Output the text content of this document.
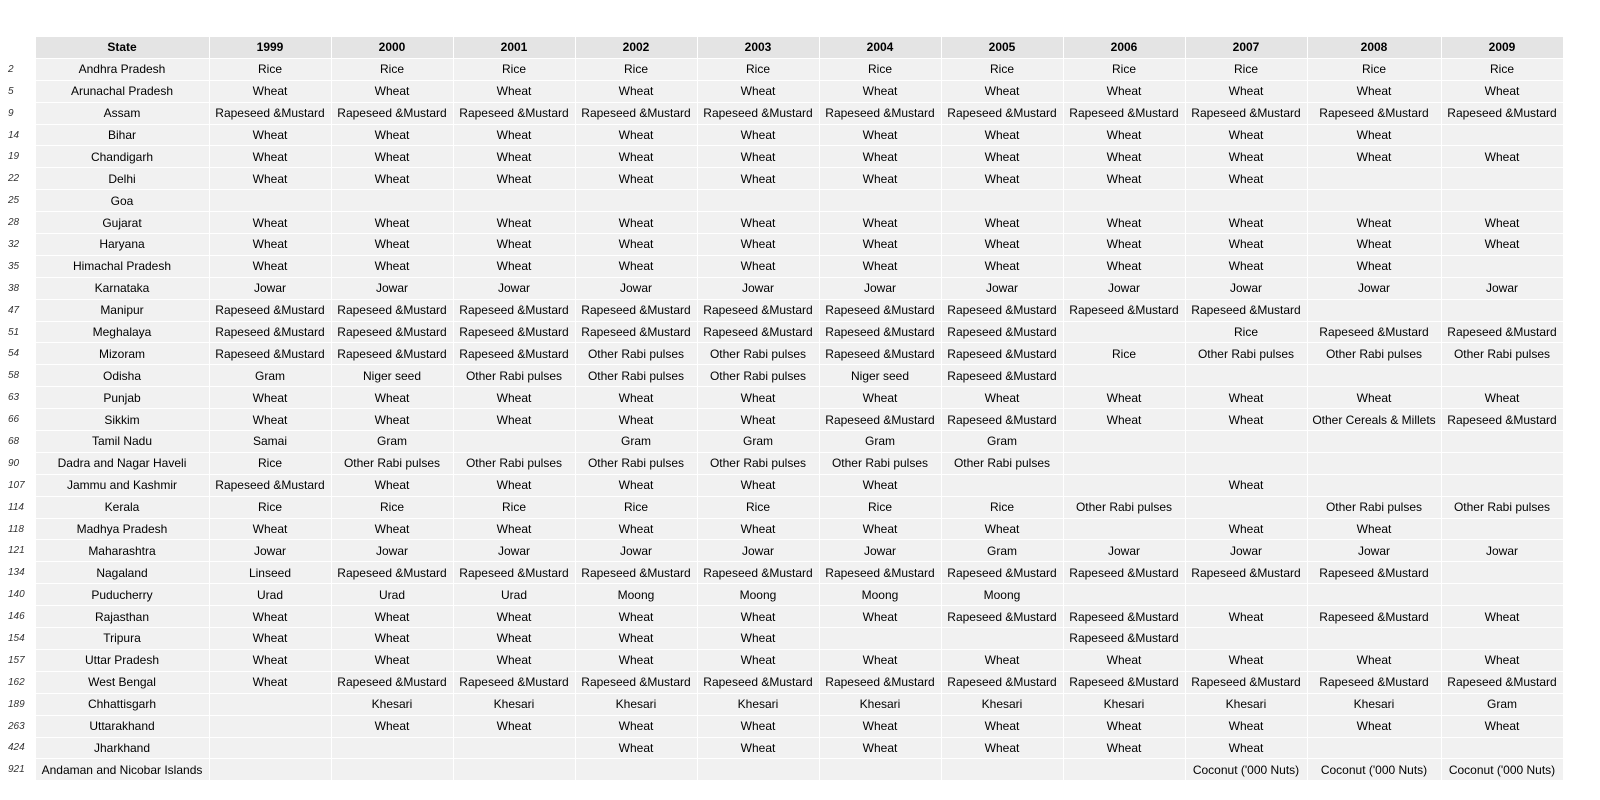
	State	1999	2000	2001	2002	2003	2004	2005	2006	2007	2008	2009
2	Andhra Pradesh	Rice	Rice	Rice	Rice	Rice	Rice	Rice	Rice	Rice	Rice	Rice
5	Arunachal Pradesh	Wheat	Wheat	Wheat	Wheat	Wheat	Wheat	Wheat	Wheat	Wheat	Wheat	Wheat
9	Assam	Rapeseed &Mustard	Rapeseed &Mustard	Rapeseed &Mustard	Rapeseed &Mustard	Rapeseed &Mustard	Rapeseed &Mustard	Rapeseed &Mustard	Rapeseed &Mustard	Rapeseed &Mustard	Rapeseed &Mustard	Rapeseed &Mustard
14	Bihar	Wheat	Wheat	Wheat	Wheat	Wheat	Wheat	Wheat	Wheat	Wheat	Wheat	
19	Chandigarh	Wheat	Wheat	Wheat	Wheat	Wheat	Wheat	Wheat	Wheat	Wheat	Wheat	Wheat
22	Delhi	Wheat	Wheat	Wheat	Wheat	Wheat	Wheat	Wheat	Wheat	Wheat		
25	Goa											
28	Gujarat	Wheat	Wheat	Wheat	Wheat	Wheat	Wheat	Wheat	Wheat	Wheat	Wheat	Wheat
32	Haryana	Wheat	Wheat	Wheat	Wheat	Wheat	Wheat	Wheat	Wheat	Wheat	Wheat	Wheat
35	Himachal Pradesh	Wheat	Wheat	Wheat	Wheat	Wheat	Wheat	Wheat	Wheat	Wheat	Wheat	
38	Karnataka	Jowar	Jowar	Jowar	Jowar	Jowar	Jowar	Jowar	Jowar	Jowar	Jowar	Jowar
47	Manipur	Rapeseed &Mustard	Rapeseed &Mustard	Rapeseed &Mustard	Rapeseed &Mustard	Rapeseed &Mustard	Rapeseed &Mustard	Rapeseed &Mustard	Rapeseed &Mustard	Rapeseed &Mustard		
51	Meghalaya	Rapeseed &Mustard	Rapeseed &Mustard	Rapeseed &Mustard	Rapeseed &Mustard	Rapeseed &Mustard	Rapeseed &Mustard	Rapeseed &Mustard		Rice	Rapeseed &Mustard	Rapeseed &Mustard
54	Mizoram	Rapeseed &Mustard	Rapeseed &Mustard	Rapeseed &Mustard	Other Rabi pulses	Other Rabi pulses	Rapeseed &Mustard	Rapeseed &Mustard	Rice	Other Rabi pulses	Other Rabi pulses	Other Rabi pulses
58	Odisha	Gram	Niger seed	Other Rabi pulses	Other Rabi pulses	Other Rabi pulses	Niger seed	Rapeseed &Mustard				
63	Punjab	Wheat	Wheat	Wheat	Wheat	Wheat	Wheat	Wheat	Wheat	Wheat	Wheat	Wheat
66	Sikkim	Wheat	Wheat	Wheat	Wheat	Wheat	Rapeseed &Mustard	Rapeseed &Mustard	Wheat	Wheat	Other Cereals & Millets	Rapeseed &Mustard
68	Tamil Nadu	Samai	Gram		Gram	Gram	Gram	Gram				
90	Dadra and Nagar Haveli	Rice	Other Rabi pulses	Other Rabi pulses	Other Rabi pulses	Other Rabi pulses	Other Rabi pulses	Other Rabi pulses				
107	Jammu and Kashmir	Rapeseed &Mustard	Wheat	Wheat	Wheat	Wheat	Wheat			Wheat		
114	Kerala	Rice	Rice	Rice	Rice	Rice	Rice	Rice	Other Rabi pulses		Other Rabi pulses	Other Rabi pulses
118	Madhya Pradesh	Wheat	Wheat	Wheat	Wheat	Wheat	Wheat	Wheat		Wheat	Wheat	
121	Maharashtra	Jowar	Jowar	Jowar	Jowar	Jowar	Jowar	Gram	Jowar	Jowar	Jowar	Jowar
134	Nagaland	Linseed	Rapeseed &Mustard	Rapeseed &Mustard	Rapeseed &Mustard	Rapeseed &Mustard	Rapeseed &Mustard	Rapeseed &Mustard	Rapeseed &Mustard	Rapeseed &Mustard	Rapeseed &Mustard	
140	Puducherry	Urad	Urad	Urad	Moong	Moong	Moong	Moong				
146	Rajasthan	Wheat	Wheat	Wheat	Wheat	Wheat	Wheat	Rapeseed &Mustard	Rapeseed &Mustard	Wheat	Rapeseed &Mustard	Wheat
154	Tripura	Wheat	Wheat	Wheat	Wheat	Wheat			Rapeseed &Mustard			
157	Uttar Pradesh	Wheat	Wheat	Wheat	Wheat	Wheat	Wheat	Wheat	Wheat	Wheat	Wheat	Wheat
162	West Bengal	Wheat	Rapeseed &Mustard	Rapeseed &Mustard	Rapeseed &Mustard	Rapeseed &Mustard	Rapeseed &Mustard	Rapeseed &Mustard	Rapeseed &Mustard	Rapeseed &Mustard	Rapeseed &Mustard	Rapeseed &Mustard
189	Chhattisgarh		Khesari	Khesari	Khesari	Khesari	Khesari	Khesari	Khesari	Khesari	Khesari	Gram
263	Uttarakhand		Wheat	Wheat	Wheat	Wheat	Wheat	Wheat	Wheat	Wheat	Wheat	Wheat
424	Jharkhand				Wheat	Wheat	Wheat	Wheat	Wheat	Wheat		
921	Andaman and Nicobar Islands									Coconut ('000 Nuts)	Coconut ('000 Nuts)	Coconut ('000 Nuts)
